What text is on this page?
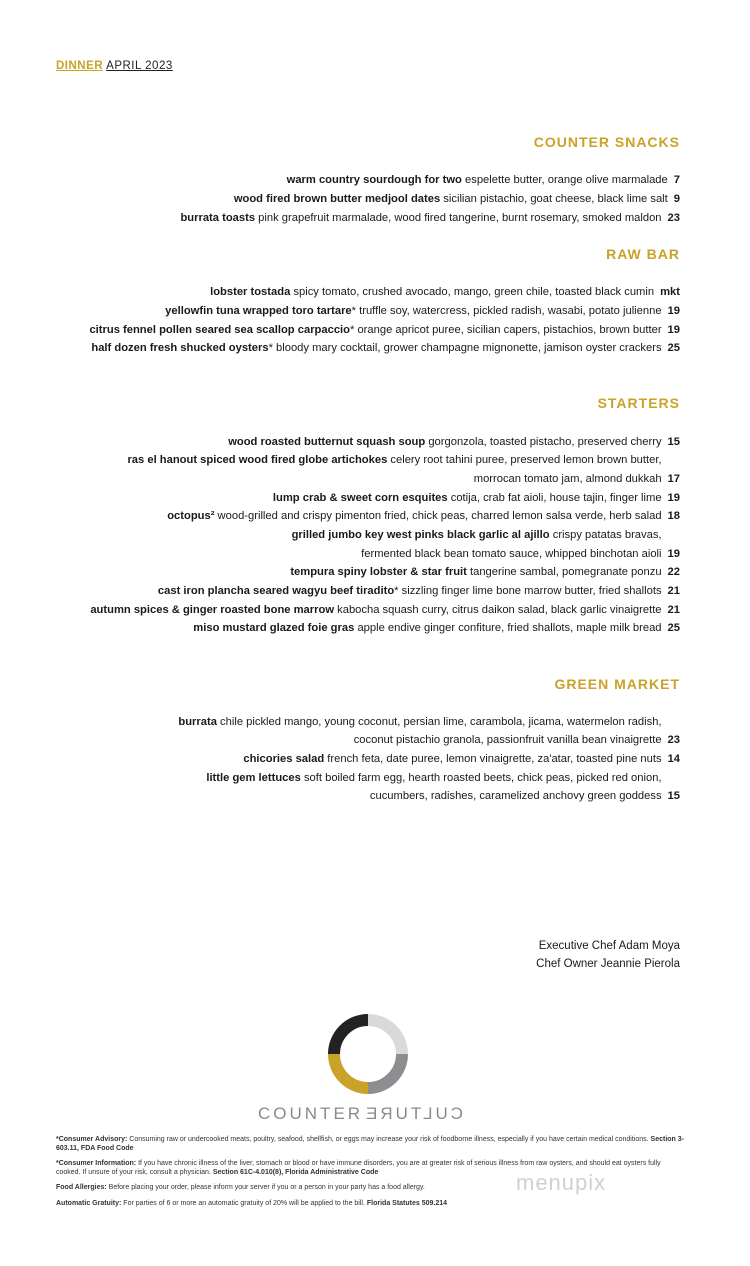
DINNER APRIL 2023
COUNTER SNACKS
warm country sourdough for two espelette butter, orange olive marmalade 7
wood fired brown butter medjool dates sicilian pistachio, goat cheese, black lime salt 9
burrata toasts pink grapefruit marmalade, wood fired tangerine, burnt rosemary, smoked maldon 23
RAW BAR
lobster tostada spicy tomato, crushed avocado, mango, green chile, toasted black cumin mkt
yellowfin tuna wrapped toro tartare* truffle soy, watercress, pickled radish, wasabi, potato julienne 19
citrus fennel pollen seared sea scallop carpaccio* orange apricot puree, sicilian capers, pistachios, brown butter 19
half dozen fresh shucked oysters* bloody mary cocktail, grower champagne mignonette, jamison oyster crackers 25
STARTERS
wood roasted butternut squash soup gorgonzola, toasted pistacho, preserved cherry 15
ras el hanout spiced wood fired globe artichokes celery root tahini puree, preserved lemon brown butter,
morrocan tomato jam, almond dukkah 17
lump crab & sweet corn esquites cotija, crab fat aioli, house tajin, finger lime 19
octopus² wood-grilled and crispy pimenton fried, chick peas, charred lemon salsa verde, herb salad 18
grilled jumbo key west pinks black garlic al ajillo crispy patatas bravas,
fermented black bean tomato sauce, whipped binchotan aioli 19
tempura spiny lobster & star fruit tangerine sambal, pomegranate ponzu 22
cast iron plancha seared wagyu beef tiradito* sizzling finger lime bone marrow butter, fried shallots 21
autumn spices & ginger roasted bone marrow kabocha squash curry, citrus daikon salad, black garlic vinaigrette 21
miso mustard glazed foie gras apple endive ginger confiture, fried shallots, maple milk bread 25
GREEN MARKET
burrata chile pickled mango, young coconut, persian lime, carambola, jicama, watermelon radish,
coconut pistachio granola, passionfruit vanilla bean vinaigrette 23
chicories salad french feta, date puree, lemon vinaigrette, za'atar, toasted pine nuts 14
little gem lettuces soft boiled farm egg, hearth roasted beets, chick peas, picked red onion,
cucumbers, radishes, caramelized anchovy green goddess 15
Executive Chef Adam Moya
Chef Owner Jeannie Pierola
COUNTERCULTURE
*Consumer Advisory: Consuming raw or undercooked meats, poultry, seafood, shellfish, or eggs may increase your risk of foodborne illness, especially if you have certain medical conditions. Section 3-603.11, FDA Food Code
*Consumer Information: If you have chronic illness of the liver, stomach or blood or have immune disorders, you are at greater risk of serious illness from raw oysters, and should eat oysters fully cooked. If unsure of your risk, consult a physician. Section 61C-4.010(8), Florida Administrative Code
Food Allergies: Before placing your order, please inform your server if you or a person in your party has a food allergy.
Automatic Gratuity: For parties of 6 or more an automatic gratuity of 20% will be applied to the bill. Florida Statutes 509.214
menupix
